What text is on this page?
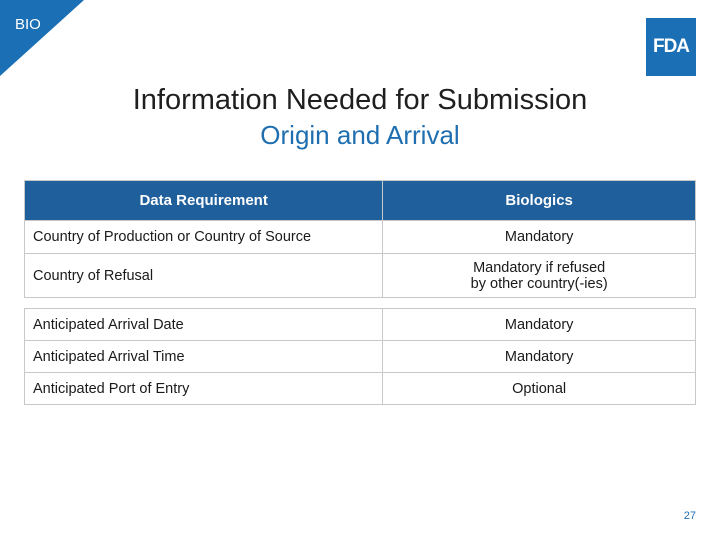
BIO
FDA
Information Needed for Submission
Origin and Arrival
Data Requirement	Biologics
Country of Production or Country of Source	Mandatory
Country of Refusal	Mandatory if refused
by other country(-ies)

Anticipated Arrival Date	Mandatory
Anticipated Arrival Time	Mandatory
Anticipated Port of Entry	Optional
27
